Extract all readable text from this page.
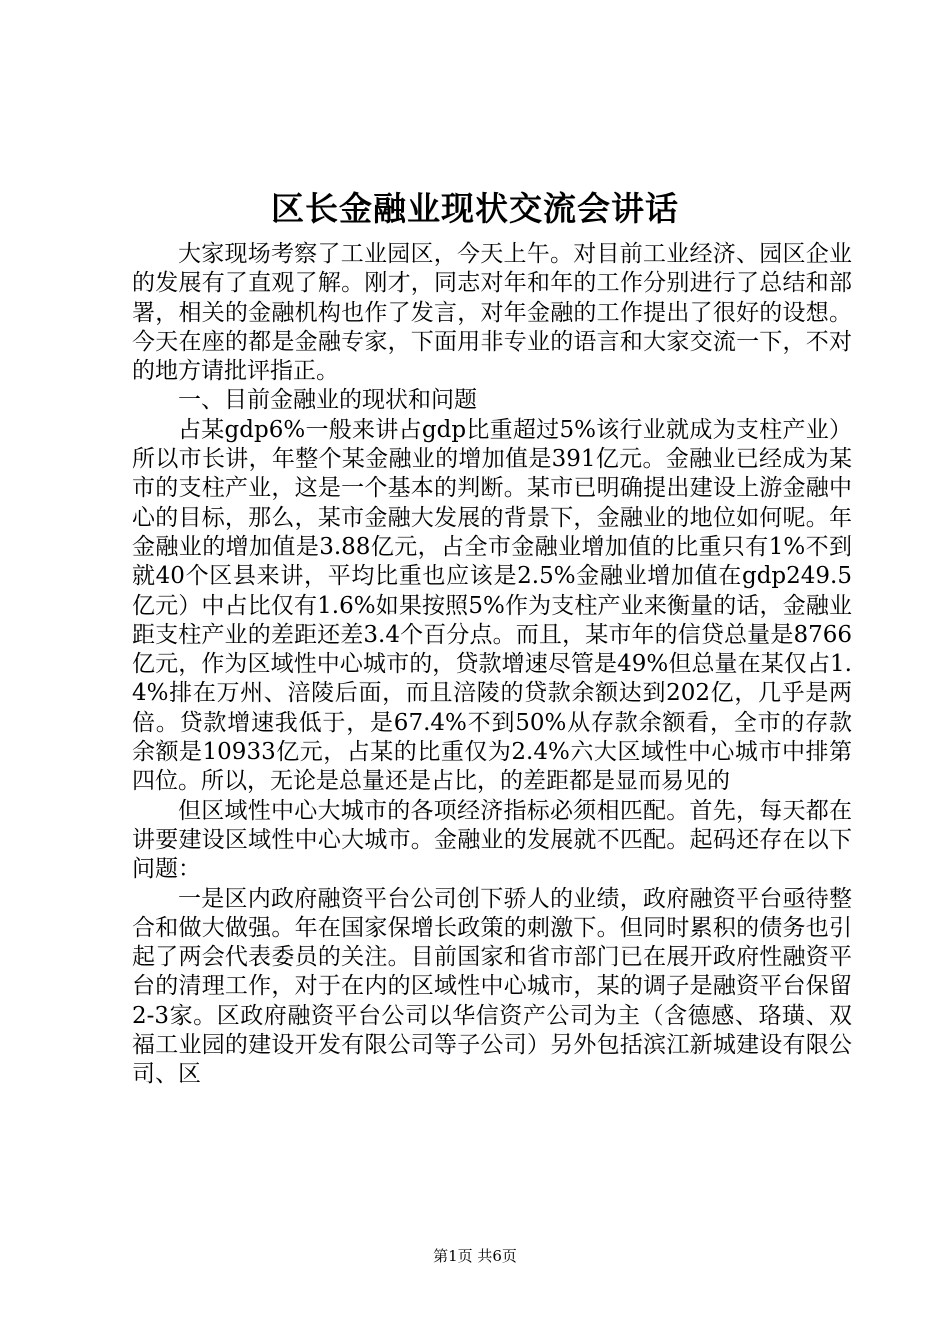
区长金融业现状交流会讲话

大家现场考察了工业园区，今天上午。对目前工业经济、园区企业的发展有了直观了解。刚才，同志对年和年的工作分别进行了总结和部署，相关的金融机构也作了发言，对年金融的工作提出了很好的设想。今天在座的都是金融专家，下面用非专业的语言和大家交流一下，不对的地方请批评指正。

一、目前金融业的现状和问题

占某gdp6%一般来讲占gdp比重超过5%该行业就成为支柱产业）所以市长讲，年整个某金融业的增加值是391亿元。金融业已经成为某市的支柱产业，这是一个基本的判断。某市已明确提出建设上游金融中心的目标，那么，某市金融大发展的背景下，金融业的地位如何呢。年金融业的增加值是3.88亿元，占全市金融业增加值的比重只有1%不到就40个区县来讲，平均比重也应该是2.5%金融业增加值在gdp249.5亿元）中占比仅有1.6%如果按照5%作为支柱产业来衡量的话，金融业距支柱产业的差距还差3.4个百分点。而且，某市年的信贷总量是8766亿元，作为区域性中心城市的，贷款增速尽管是49%但总量在某仅占1.4%排在万州、涪陵后面，而且涪陵的贷款余额达到202亿，几乎是两倍。贷款增速我低于，是67.4%不到50%从存款余额看，全市的存款余额是10933亿元，占某的比重仅为2.4%六大区域性中心城市中排第四位。所以，无论是总量还是占比，的差距都是显而易见的

但区域性中心大城市的各项经济指标必须相匹配。首先，每天都在讲要建设区域性中心大城市。金融业的发展就不匹配。起码还存在以下问题：

一是区内政府融资平台公司创下骄人的业绩，政府融资平台亟待整合和做大做强。年在国家保增长政策的刺激下。但同时累积的债务也引起了两会代表委员的关注。目前国家和省市部门已在展开政府性融资平台的清理工作，对于在内的区域性中心城市，某的调子是融资平台保留2-3家。区政府融资平台公司以华信资产公司为主（含德感、珞璜、双福工业园的建设开发有限公司等子公司）另外包括滨江新城建设有限公司、区

第1页 共6页
